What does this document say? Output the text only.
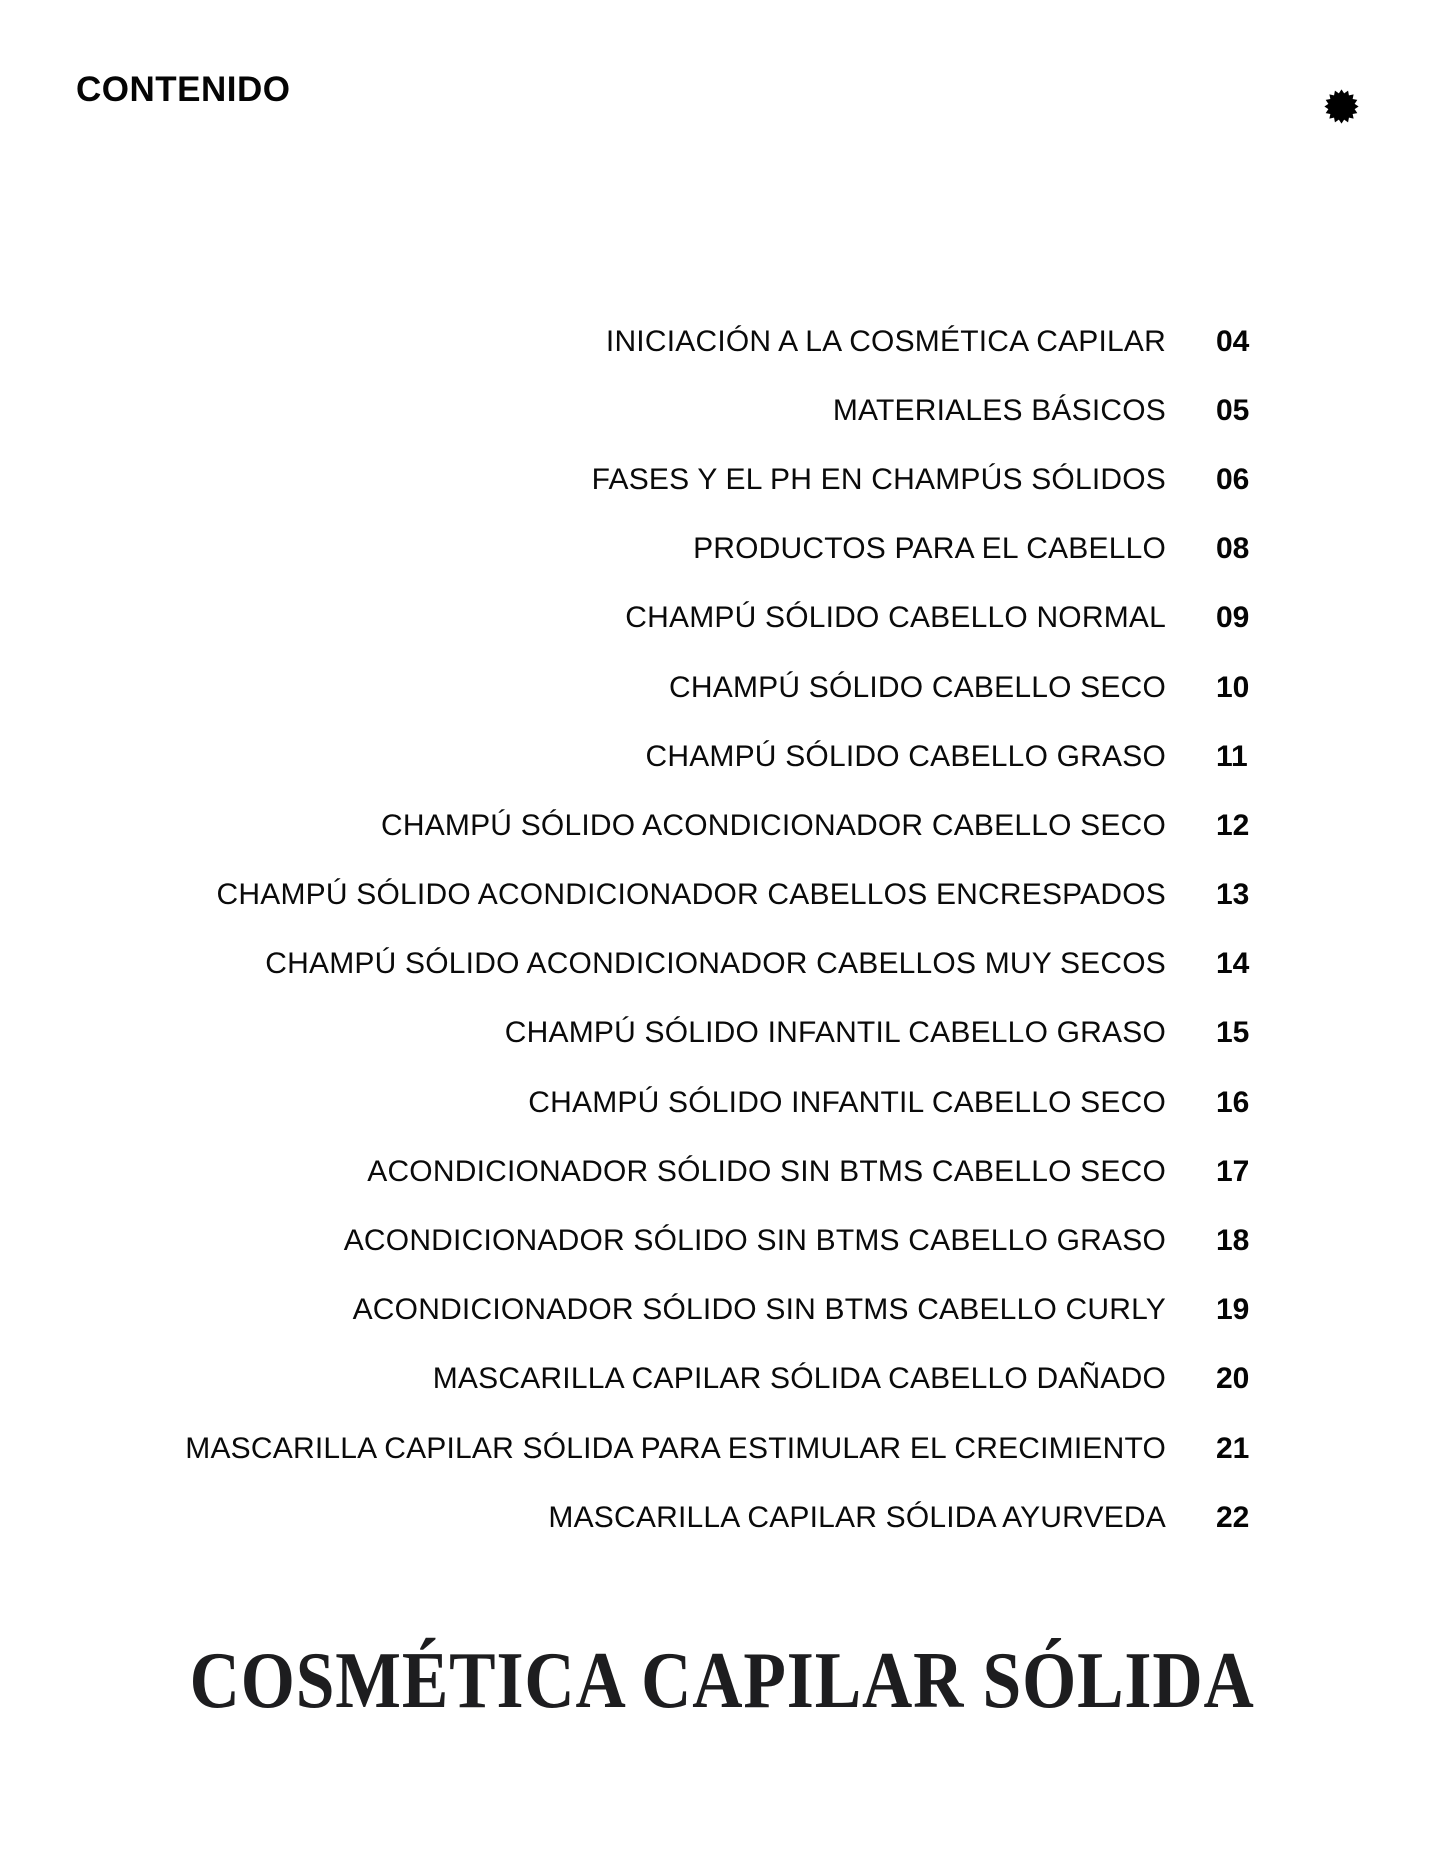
CONTENIDO
INICIACIÓN A LA COSMÉTICA CAPILAR 04
MATERIALES BÁSICOS 05
FASES Y EL PH EN CHAMPÚS SÓLIDOS 06
PRODUCTOS PARA EL CABELLO 08
CHAMPÚ SÓLIDO CABELLO NORMAL 09
CHAMPÚ SÓLIDO CABELLO SECO 10
CHAMPÚ SÓLIDO CABELLO GRASO 11
CHAMPÚ SÓLIDO ACONDICIONADOR CABELLO SECO 12
CHAMPÚ SÓLIDO ACONDICIONADOR CABELLOS ENCRESPADOS 13
CHAMPÚ SÓLIDO ACONDICIONADOR CABELLOS MUY SECOS 14
CHAMPÚ SÓLIDO INFANTIL CABELLO GRASO 15
CHAMPÚ SÓLIDO INFANTIL CABELLO SECO 16
ACONDICIONADOR SÓLIDO SIN BTMS CABELLO SECO 17
ACONDICIONADOR SÓLIDO SIN BTMS CABELLO GRASO 18
ACONDICIONADOR SÓLIDO SIN BTMS CABELLO CURLY 19
MASCARILLA CAPILAR SÓLIDA CABELLO DAÑADO 20
MASCARILLA CAPILAR SÓLIDA PARA ESTIMULAR EL CRECIMIENTO 21
MASCARILLA CAPILAR SÓLIDA AYURVEDA 22
COSMÉTICA CAPILAR SÓLIDA
